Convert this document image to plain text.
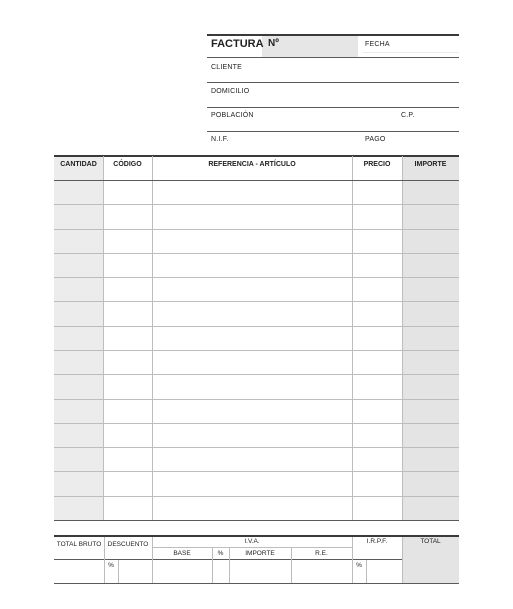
FACTURA Nº	FECHA
CLIENTE
DOMICILIO
POBLACIÓN	C.P.
N.I.F.	PAGO
CANTIDAD	CÓDIGO	REFERENCIA - ARTÍCULO	PRECIO	IMPORTE
TOTAL BRUTO DESCUENTO	I.V.A.	I.R.P.F.	TOTAL
BASE	%	IMPORTE	R.E.
%	%
